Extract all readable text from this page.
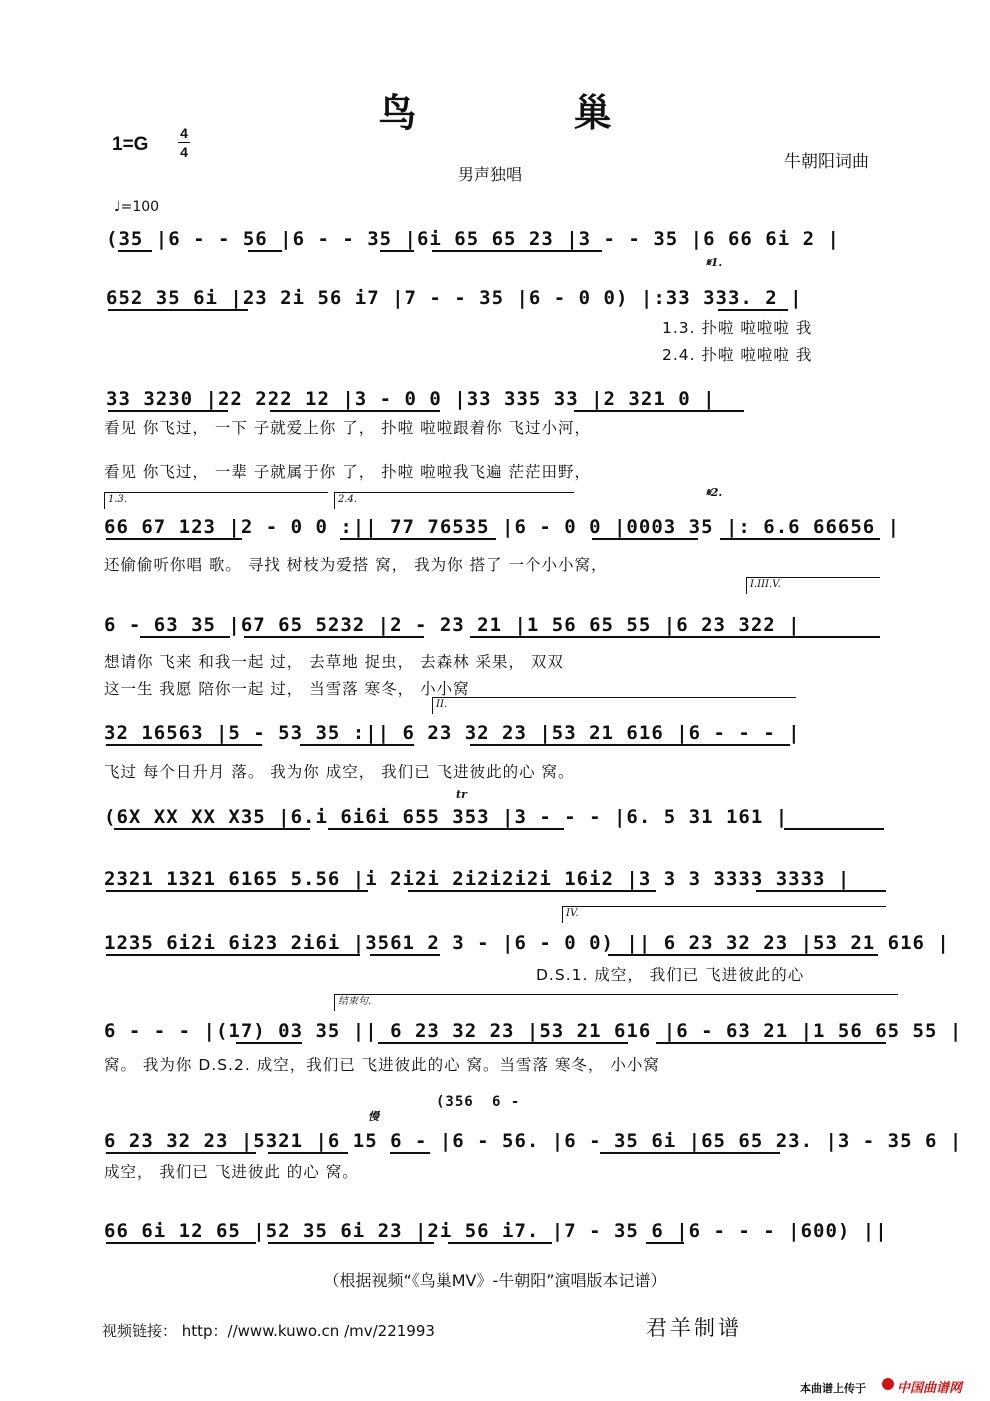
鸟 巢
1=G
4
4	牛朝阳词曲
男声独唱
♩=100
(35 |6 - - 56 |6 - - 35 |6i 65 65 23 |3 - - 35 |6 66 6i 2 |
𝄋1.
652 35 6i |23 2i 56 i7 |7 - - 35 |6 - 0 0) |:33 333. 2 |
1.3. 扑啦 啦啦啦 我
2.4. 扑啦 啦啦啦 我
33 3230 |22 222 12 |3 - 0 0 |33 335 33 |2 321 0 |
看见 你飞过， 一下 子就爱上你 了， 扑啦 啦啦跟着你 飞过小河，
看见 你飞过， 一辈 子就属于你 了， 扑啦 啦啦我飞遍 茫茫田野，
1.3.	2.4.
𝄋2.
66 67 123 |2 - 0 0 :|| 77 76535 |6 - 0 0 |0003 35 |: 6.6 66656 |
还偷偷听你唱 歌。 寻找 树枝为爱搭 窝， 我为你 搭了 一个小小窝，
I.III.V.
6 - 63 35 |67 65 5232 |2 - 23 21 |1 56 65 55 |6 23 322 |
想请你 飞来 和我一起 过， 去草地 捉虫， 去森林 采果， 双双
这一生 我愿 陪你一起 过， 当雪落 寒冬， 小小窝
II.
32 16563 |5 - 53 35 :|| 6 23 32 23 |53 21 616 |6 - - - |
飞过 每个日升月 落。 我为你 成空， 我们已 飞进彼此的心 窝。
tr
(6X XX XX X35 |6.i 6i6i 655 353 |3 - - - |6. 5 31 161 |
2321 1321 6165 5.56 |i 2i2i 2i2i2i2i 16i2 |3 3 3 3333 3333 |
IV.
1235 6i2i 6i23 2i6i |3561 2 3 - |6 - 0 0) || 6 23 32 23 |53 21 616 |
D.S.1. 成空， 我们已 飞进彼此的心
结束句.
6 - - - |(17) 03 35 || 6 23 32 23 |53 21 616 |6 - 63 21 |1 56 65 55 |
窝。 我为你 D.S.2. 成空，我们已 飞进彼此的心 窝。当雪落 寒冬， 小小窝
慢
(356 6 -
6 23 32 23 |5321 |6 15 6 - |6 - 56. |6 - 35 6i |65 65 23. |3 - 35 6 |
成空， 我们已 飞进彼此 的心 窝。
66 6i 12 65 |52 35 6i 23 |2i 56 i7. |7 - 35 6 |6 - - - |600) ||
（根据视频“《鸟巢MV》-牛朝阳”演唱版本记谱）
视频链接： http：//www.kuwo.cn /mv/221993	君羊制谱
本曲谱上传于 中国曲谱网
